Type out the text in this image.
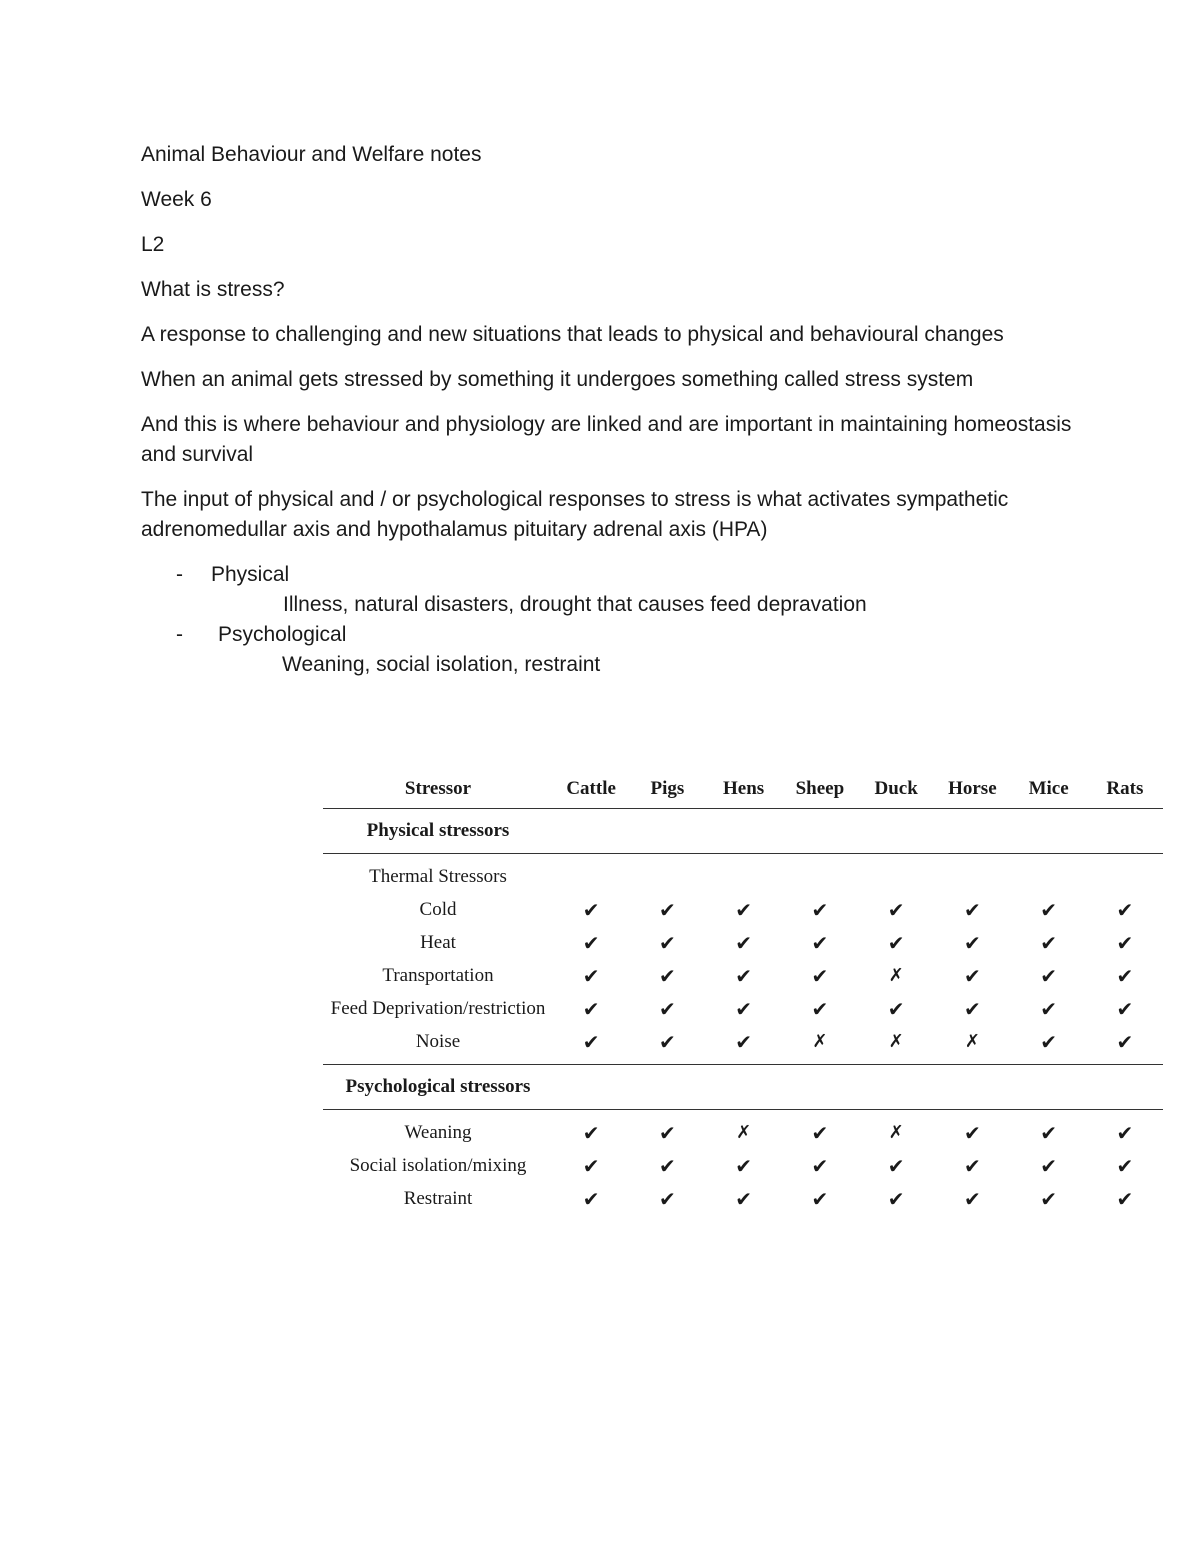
Animal Behaviour and Welfare notes

Week 6

L2

What is stress?

A response to challenging and new situations that leads to physical and behavioural changes

When an animal gets stressed by something it undergoes something called stress system

And this is where behaviour and physiology are linked and are important in maintaining homeostasis and survival

The input of physical and / or psychological responses to stress is what activates sympathetic adrenomedullar axis and hypothalamus pituitary adrenal axis (HPA)

-	Physical
Illness, natural disasters, drought that causes feed depravation
-	Psychological
Weaning, social isolation, restraint
Stressor	Cattle	Pigs	Hens	Sheep	Duck	Horse	Mice	Rats
Physical stressors
Thermal Stressors
Cold	✔	✔	✔	✔	✔	✔	✔	✔
Heat	✔	✔	✔	✔	✔	✔	✔	✔
Transportation	✔	✔	✔	✔	✗	✔	✔	✔
Feed Deprivation/restriction	✔	✔	✔	✔	✔	✔	✔	✔
Noise	✔	✔	✔	✗	✗	✗	✔	✔
Psychological stressors
Weaning	✔	✔	✗	✔	✗	✔	✔	✔
Social isolation/mixing	✔	✔	✔	✔	✔	✔	✔	✔
Restraint	✔	✔	✔	✔	✔	✔	✔	✔
